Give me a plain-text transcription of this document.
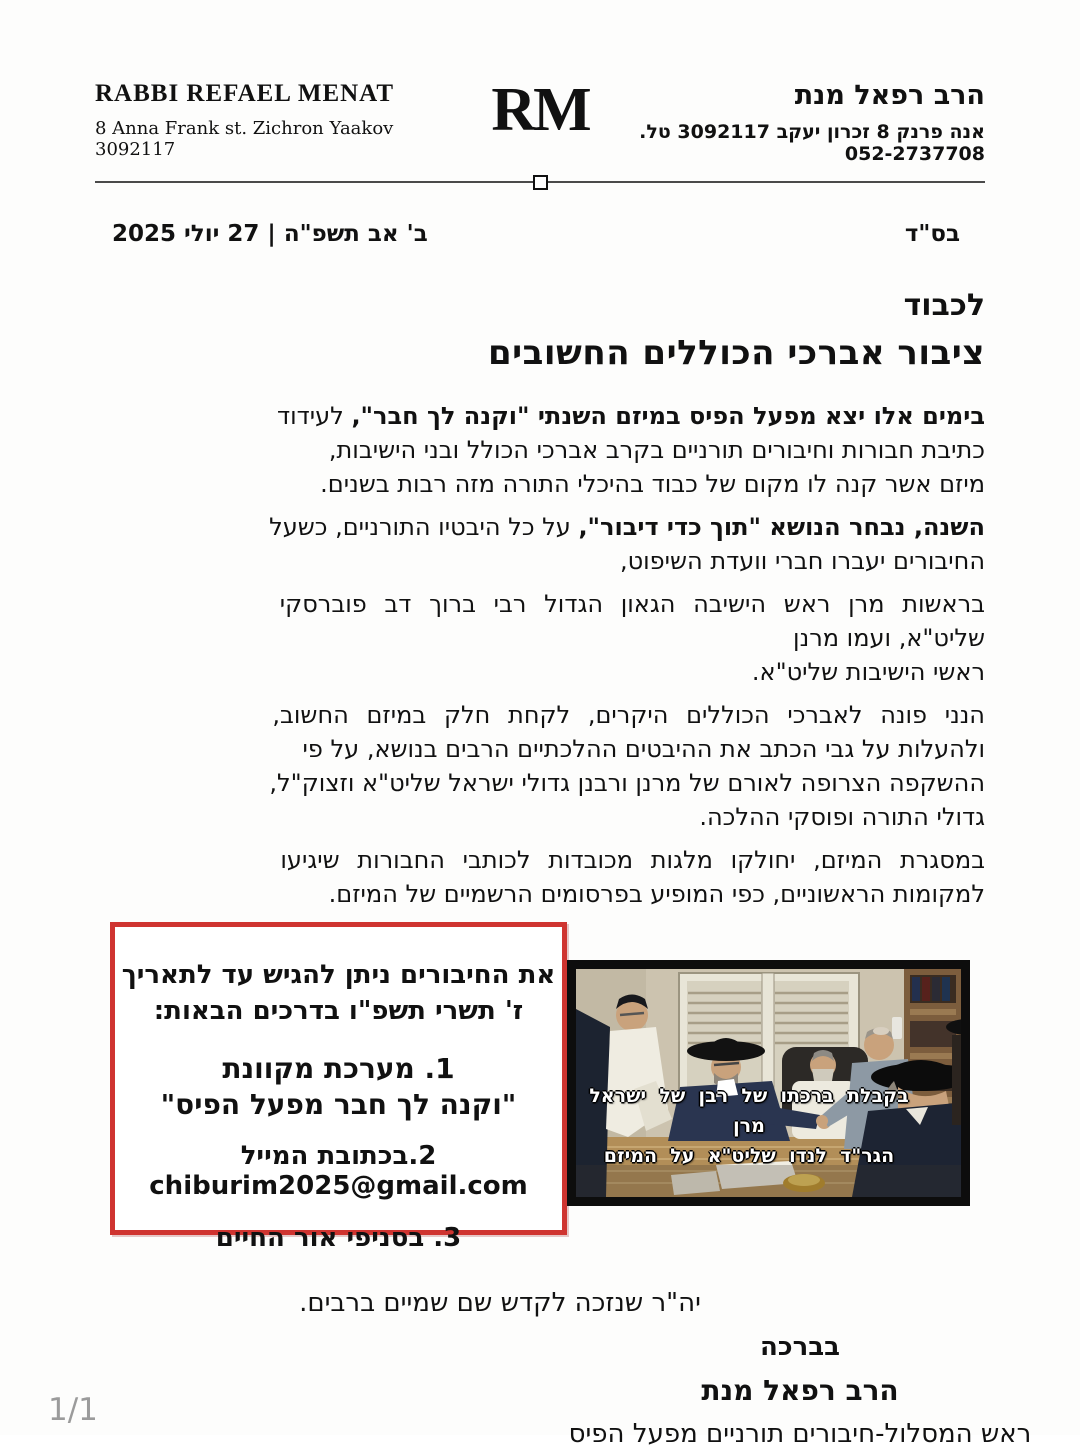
RABBI REFAEL MENAT
8 Anna Frank st. Zichron Yaakov 3092117
RM	הרב רפאל מנת
אנה פרנק 8 זכרון יעקב 3092117 טל. 052-2737708
ב' אב תשפ"ה | 27 יולי 2025	בס"ד
לכבוד
ציבור אברכי הכוללים החשובים
בימים אלו יצא מפעל הפיס במיזם השנתי "וקנה לך חבר", לעידוד
כתיבת חבורות וחיבורים תורניים בקרב אברכי הכולל ובני הישיבות,
מיזם אשר קנה לו מקום של כבוד בהיכלי התורה מזה רבות בשנים.
השנה, נבחר הנושא "תוך כדי דיבור", על כל היבטיו התורניים, כשעל
החיבורים יעברו חברי וועדת השיפוט,
בראשות מרן ראש הישיבה הגאון הגדול רבי ברוך דב פוברסקי
שליט"א, ועמו מרנן
ראשי הישיבות שליט"א.
הנני פונה לאברכי הכוללים היקרים, לקחת חלק במיזם החשוב,
ולהעלות על גבי הכתב את ההיבטים ההלכתיים הרבים בנושא, על פי
ההשקפה הצרופה לאורם של מרנן ורבנן גדולי ישראל שליט"א וזצוק"ל,
גדולי התורה ופוסקי ההלכה.
במסגרת המיזם, יחולקו מלגות מכובדות לכותבי החבורות שיגיעו
למקומות הראשוניים, כפי המופיע בפרסומים הרשמיים של המיזם.
את החיבורים ניתן להגיש עד לתאריך
ז' תשרי תשפ"ו בדרכים הבאות:
1. מערכת מקוונת
"וקנה לך חבר מפעל הפיס"
2.בכתובת המייל
chiburim2025@gmail.com
3. בסניפי אור החיים
בקבלת ברכתו של רבן של ישראל מרן
הגר"ד לנדו שליט"א על המיזם
יה"ר שנזכה לקדש שם שמיים ברבים.
בברכה
הרב רפאל מנת
ראש המסלול-חיבורים תורניים מפעל הפיס
1/1
